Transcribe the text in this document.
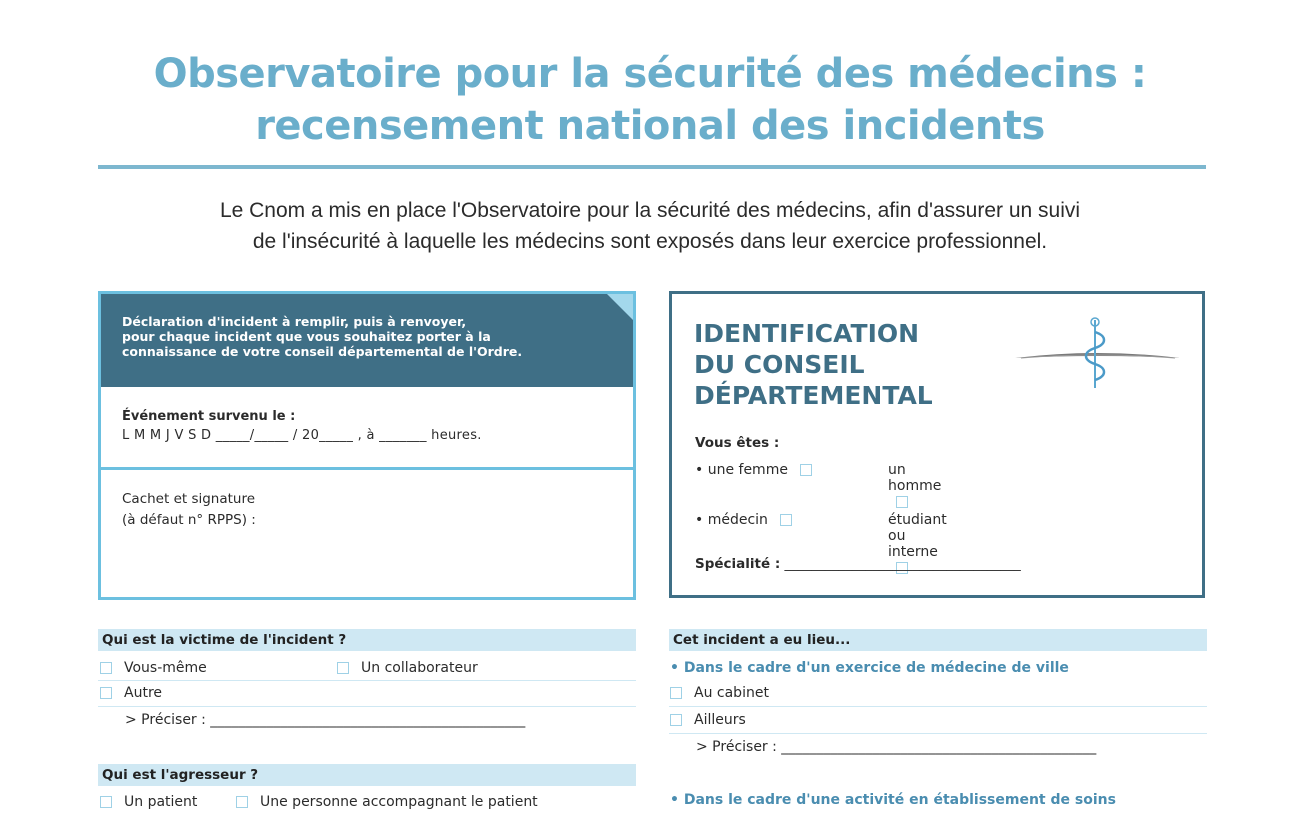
Observatoire pour la sécurité des médecins :
recensement national des incidents
Le Cnom a mis en place l'Observatoire pour la sécurité des médecins, afin d'assurer un suivi
de l'insécurité à laquelle les médecins sont exposés dans leur exercice professionnel.
Déclaration d'incident à remplir, puis à renvoyer,
pour chaque incident que vous souhaitez porter à la
connaissance de votre conseil départemental de l'Ordre.
Événement survenu le :
L M M J V S D _____/_____ / 20_____ , à _______ heures.
Cachet et signature
(à défaut n° RPPS) :
IDENTIFICATION
DU CONSEIL
DÉPARTEMENTAL
Vous êtes :
• une femme	un homme
• médecin	étudiant ou interne
Spécialité : ___________________________________
Qui est la victime de l'incident ?
Vous-même	Un collaborateur
Autre
> Préciser : _____________________________________________
Qui est l'agresseur ?
Un patient	Une personne accompagnant le patient
Cet incident a eu lieu...
• Dans le cadre d'un exercice de médecine de ville
Au cabinet
Ailleurs
> Préciser : _____________________________________________
• Dans le cadre d'une activité en établissement de soins
